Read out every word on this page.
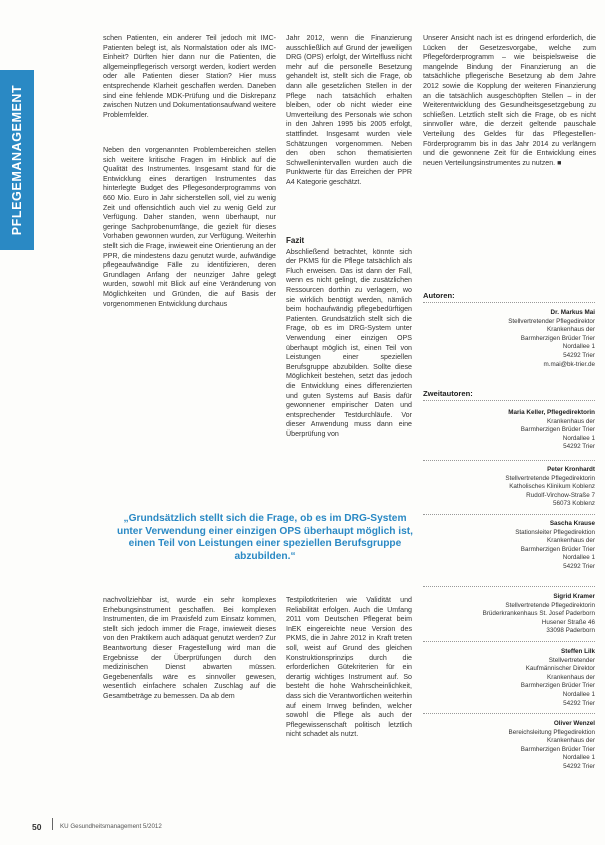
PFLEGEMANAGEMENT

schen Patienten, ein anderer Teil jedoch mit IMC-Patienten belegt ist, als Normalstation oder als IMC-Einheit? Dürften hier dann nur die Patienten, die allgemeinpflegerisch versorgt werden, kodiert werden oder alle Patienten dieser Station? Hier muss entsprechende Klarheit geschaffen werden. Daneben sind eine fehlende MDK-Prüfung und die Diskrepanz zwischen Nutzen und Dokumentationsaufwand weitere Problemfelder.

Neben den vorgenannten Problembereichen stellen sich weitere kritische Fragen im Hinblick auf die Qualität des Instrumentes. Insgesamt stand für die Entwicklung eines derartigen Instrumentes das hinterlegte Budget des Pflegesonderprogramms von 660 Mio. Euro in Jahr sicherstellen soll, viel zu wenig Zeit und offensichtlich auch viel zu wenig Geld zur Verfügung. Daher standen, wenn überhaupt, nur geringe Sachprobenumfänge, die gezielt für dieses Vorhaben gewonnen wurden, zur Verfügung. Weiterhin stellt sich die Frage, inwieweit eine Orientierung an der PPR, die mindestens dazu genutzt wurde, aufwändige pflegeaufwändige Fälle zu identifizieren, deren Grundlagen Anfang der neunziger Jahre gelegt wurden, sowohl mit Blick auf eine Veränderung von Möglichkeiten und Gründen, die auf Basis der vorgenommenen Entwicklung durchaus

Jahr 2012, wenn die Finanzierung ausschließlich auf Grund der jeweiligen DRG (OPS) erfolgt, der Wirtelfluss nicht mehr auf die personelle Besetzung gehandelt ist, stellt sich die Frage, ob dann alle gesetzlichen Stellen in der Pflege nach tatsächlich erhalten bleiben, oder ob nicht wieder eine Umverteilung des Personals wie schon in den Jahren 1995 bis 2005 erfolgt, stattfindet. Insgesamt wurden viele Schätzungen vorgenommen. Neben den oben schon thematisierten Schwellenintervallen wurden auch die Punktwerte für das Erreichen der PPR A4 Kategorie geschätzt.

Fazit

Abschließend betrachtet, könnte sich der PKMS für die Pflege tatsächlich als Fluch erweisen. Das ist dann der Fall, wenn es nicht gelingt, die zusätzlichen Ressourcen dorthin zu verlagern, wo sie wirklich benötigt werden, nämlich beim hochaufwändig pflegebedürftigen Patienten. Grundsätzlich stellt sich die Frage, ob es im DRG-System unter Verwendung einer einzigen OPS überhaupt möglich ist, einen Teil von Leistungen einer speziellen Berufsgruppe abzubilden. Sollte diese Möglichkeit bestehen, setzt das jedoch die Entwicklung eines differenzierten und guten Systems auf Basis dafür gewonnener empirischer Daten und entsprechender Testdurchläufe. Vor dieser Anwendung muss dann eine Überprüfung von

Unserer Ansicht nach ist es dringend erforderlich, die Lücken der Gesetzesvorgabe, welche zum Pflegeförderprogramm – wie beispielsweise die mangelnde Bindung der Finanzierung an die tatsächliche pflegerische Besetzung ab dem Jahre 2012 sowie die Kopplung der weiteren Finanzierung an die tatsächlich ausgeschöpften Stellen – in der Weiterentwicklung des Gesundheitsgesetzgebung zu schließen. Letztlich stellt sich die Frage, ob es nicht sinnvoller wäre, die derzeit geltende pauschale Verteilung des Geldes für das Pflegestellen-Förderprogramm bis in das Jahr 2014 zu verlängern und die gewonnene Zeit für die Entwicklung eines neuen Verteilungsinstrumentes zu nutzen. ■

„Grundsätzlich stellt sich die Frage, ob es im DRG-System unter Verwendung einer einzigen OPS überhaupt möglich ist, einen Teil von Leistungen einer speziellen Berufsgruppe abzubilden.“
nachvollziehbar ist, wurde ein sehr komplexes Erhebungsinstrument geschaffen. Bei komplexen Instrumenten, die im Praxisfeld zum Einsatz kommen, stellt sich jedoch immer die Frage, inwieweit dieses von den Praktikern auch adäquat genutzt werden? Zur Beantwortung dieser Fragestellung wird man die Ergebnisse der Überprüfungen durch den medizinischen Dienst abwarten müssen. Gegebenenfalls wäre es sinnvoller gewesen, wesentlich einfachere schalen Zuschlag auf die Gesamtbeträge zu bemessen. Da ab dem
Testpilotkriterien wie Validität und Reliabilität erfolgen. Auch die Umfang 2011 vom Deutschen Pflegerat beim InEK eingereichte neue Version des PKMS, die in Jahre 2012 in Kraft treten soll, weist auf Grund des gleichen Konstruktionsprinzips durch die erforderlichen Gütekriterien für ein derartig wichtiges Instrument auf. So besteht die hohe Wahrscheinlichkeit, dass sich die Verantwortlichen weiterhin auf einem Irrweg befinden, welcher sowohl die Pflege als auch der Pflegewissenschaft politisch letztlich nicht schadet als nutzt.
Autoren:
Dr. Markus Mai
Stellvertretender Pflegedirektor
Krankenhaus der
Barmherzigen Brüder Trier
Nordallee 1
54292 Trier
m.mai@bk-trier.de
Zweitautoren:
Maria Keller, Pflegedirektorin
Krankenhaus der
Barmherzigen Brüder Trier
Nordallee 1
54292 Trier
Peter Kronhardt
Stellvertretende Pflegedirektorin
Katholisches Klinikum Koblenz
Rudolf-Virchow-Straße 7
56073 Koblenz
Sascha Krause
Stationsleiter Pflegedirektion
Krankenhaus der
Barmherzigen Brüder Trier
Nordallee 1
54292 Trier
Sigrid Kramer
Stellvertretende Pflegedirektorin
Brüderkrankenhaus St. Josef Paderborn
Husener Straße 46
33098 Paderborn
Steffen Lilk
Stellvertretender
Kaufmännischer Direktor
Krankenhaus der
Barmherzigen Brüder Trier
Nordallee 1
54292 Trier
Oliver Wenzel
Bereichsleitung Pflegedirektion
Krankenhaus der
Barmherzigen Brüder Trier
Nordallee 1
54292 Trier
50	KU Gesundheitsmanagement 5/2012
